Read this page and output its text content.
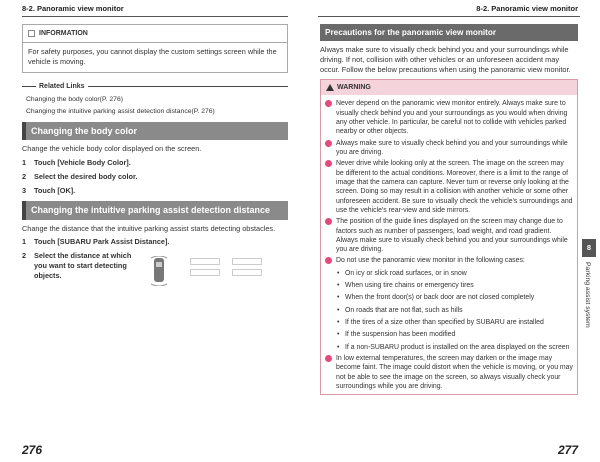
8-2. Panoramic view monitor	8-2. Panoramic view monitor
INFORMATION
For safety purposes, you cannot display the custom settings screen while the vehicle is moving.
Related Links
Changing the body color(P. 276)
Changing the intuitive parking assist detection distance(P. 276)
Changing the body color
Change the vehicle body color displayed on the screen.
1	Touch [Vehicle Body Color].
2	Select the desired body color.
3	Touch [OK].
Changing the intuitive parking assist detection distance
Change the distance that the intuitive parking assist starts detecting obstacles.
1	Touch [SUBARU Park Assist Distance].
2	Select the distance at which you want to start detecting objects.
Precautions for the panoramic view monitor
Always make sure to visually check behind you and your surroundings while driving. If not, collision with other vehicles or an unforeseen accident may occur. Follow the below precautions when using the panoramic view monitor.
WARNING
Never depend on the panoramic view monitor entirely. Always make sure to visually check behind you and your surroundings as you would when driving any other vehicle. In particular, be careful not to collide with vehicles parked nearby or other objects.
Always make sure to visually check behind you and your surroundings while you are driving.
Never drive while looking only at the screen. The image on the screen may be different to the actual conditions. Moreover, there is a limit to the range of image that the camera can capture. Never turn or reverse only looking at the screen. Doing so may result in a collision with another vehicle or some other unforeseen accident. Be sure to visually check the vehicle's surroundings and use the vehicle's rear-view and side mirrors.
The position of the guide lines displayed on the screen may change due to factors such as number of passengers, load weight, and road gradient. Always make sure to visually check behind you and your surroundings while you are driving.
Do not use the panoramic view monitor in the following cases:
• On icy or slick road surfaces, or in snow
• When using tire chains or emergency tires
• When the front door(s) or back door are not closed completely
• On roads that are not flat, such as hills
• If the tires of a size other than specified by SUBARU are installed
• If the suspension has been modified
• If a non-SUBARU product is installed on the area displayed on the screen
In low external temperatures, the screen may darken or the image may become faint. The image could distort when the vehicle is moving, or you may not be able to see the image on the screen, so always visually check your surroundings while you are driving.
8
Parking assist system
276	277
